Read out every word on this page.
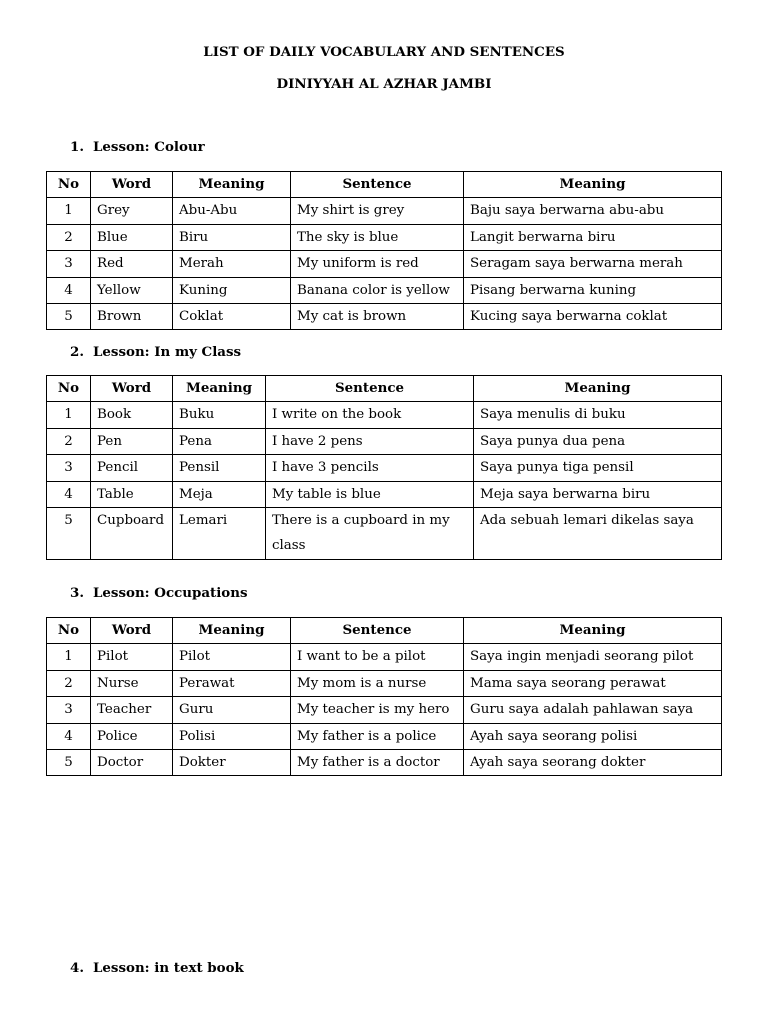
LIST OF DAILY VOCABULARY AND SENTENCES
DINIYYAH AL AZHAR JAMBI
1. Lesson: Colour
No	Word	Meaning	Sentence	Meaning
1	Grey	Abu-Abu	My shirt is grey	Baju saya berwarna abu-abu
2	Blue	Biru	The sky is blue	Langit berwarna biru
3	Red	Merah	My uniform is red	Seragam saya berwarna merah
4	Yellow	Kuning	Banana color is yellow	Pisang berwarna kuning
5	Brown	Coklat	My cat is brown	Kucing saya berwarna coklat
2. Lesson: In my Class
No	Word	Meaning	Sentence	Meaning
1	Book	Buku	I write on the book	Saya menulis di buku
2	Pen	Pena	I have 2 pens	Saya punya dua pena
3	Pencil	Pensil	I have 3 pencils	Saya punya tiga pensil
4	Table	Meja	My table is blue	Meja saya berwarna biru
5	Cupboard	Lemari	There is a cupboard in my class	Ada sebuah lemari dikelas saya
3. Lesson: Occupations
No	Word	Meaning	Sentence	Meaning
1	Pilot	Pilot	I want to be a pilot	Saya ingin menjadi seorang pilot
2	Nurse	Perawat	My mom is a nurse	Mama saya seorang perawat
3	Teacher	Guru	My teacher is my hero	Guru saya adalah pahlawan saya
4	Police	Polisi	My father is a police	Ayah saya seorang polisi
5	Doctor	Dokter	My father is a doctor	Ayah saya seorang dokter
4. Lesson: in text book
